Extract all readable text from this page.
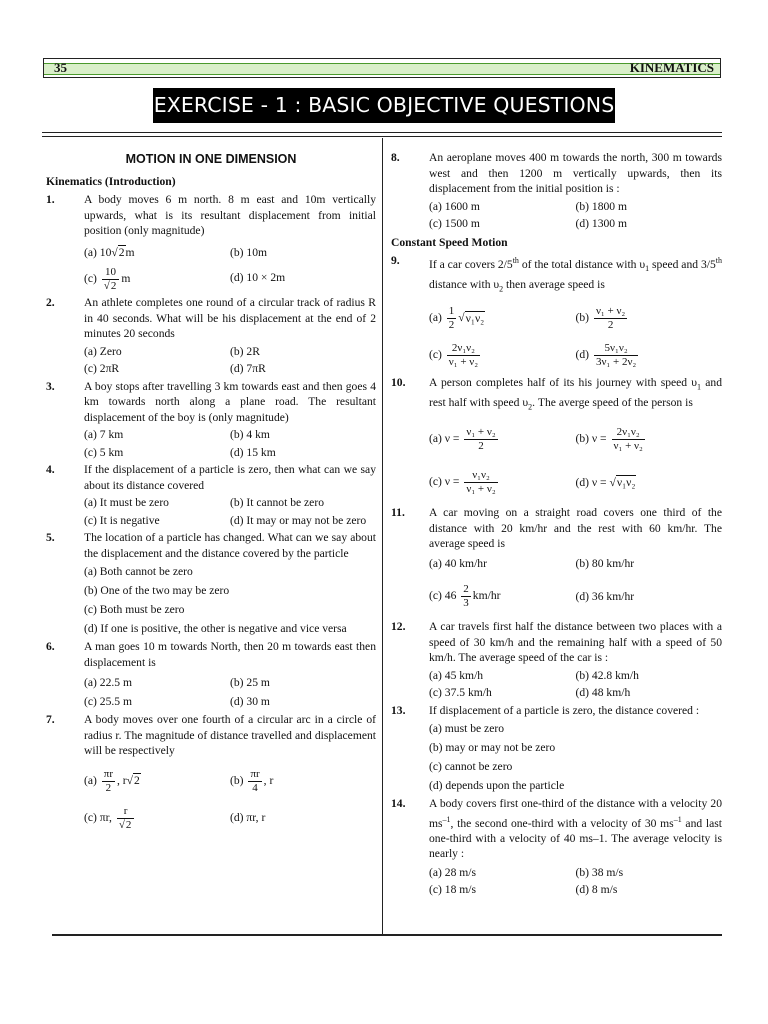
35	KINEMATICS
EXERCISE - 1 : BASIC OBJECTIVE QUESTIONS
MOTION IN ONE DIMENSION
Kinematics (Introduction)
1.	A body moves 6 m north. 8 m east and 10m vertically upwards, what is its resultant displacement from initial position (only magnitude)
(a) 10√2m	(b) 10m
$(c) \frac{10}{√2}$ m	(d) 10 × 2m
2.	An athlete completes one round of a circular track of radius R in 40 seconds. What will be his displacement at the end of 2 minutes 20 seconds
(a) Zero	(b) 2R
(c) 2πR	(d) 7πR
3.	A boy stops after travelling 3 km towards east and then goes 4 km towards north along a plane road. The resultant displacement of the boy is (only magnitude)
(a) 7 km	(b) 4 km
(c) 5 km	(d) 15 km
4.	If the displacement of a particle is zero, then what can we say about its distance covered
(a) It must be zero	(b) It cannot be zero
(c) It is negative	(d) It may or may not be zero
5.	The location of a particle has changed. What can we say about the displacement and the distance covered by the particle
(a) Both cannot be zero
(b) One of the two may be zero
(c) Both must be zero
(d) If one is positive, the other is negative and vice versa
6.	A man goes 10 m towards North, then 20 m towards east then displacement is
(a) 22.5 m	(b) 25 m
(c) 25.5 m	(d) 30 m
7.	A body moves over one fourth of a circular arc in a circle of radius r. The magnitude of distance travelled and displacement will be respectively
$(a) \frac{\pi r}{2}$ , r√2	$(b) \frac{\pi r}{4}$ , r
(c) πr, $\frac{r}{√2}$	(d) πr, r
8.	An aeroplane moves 400 m towards the north, 300 m towards west and then 1200 m vertically upwards, then its displacement from the initial position is :
(a) 1600 m	(b) 1800 m
(c) 1500 m	(d) 1300 m
Constant Speed Motion
9.	If a car covers 2/5th of the total distance with $\upsilon_1$ speed and 3/5th distance with $\upsilon_2$ then average speed is
$(a) \frac{1}{2} √\nu_1\nu_2$	$(b) \frac{\text{ν₁ + ν₂}}{2}$
$(c) \frac{\text{2ν₁ν₂}}{\text{ν₁ + ν₂}}$	$(d) \frac{\text{5ν₁ν₂}}{\text{3ν₁ + 2ν₂}}$
10.	A person completes half of its his journey with speed $\upsilon_1$ and rest half with speed $\upsilon_2$. The averge speed of the person is
(a) $\nu = \frac{\text{ν₁ + ν₂}}{2}$	(b) $\nu = \frac{\text{2ν₁ν₂}}{\text{ν₁ + ν₂}}$
(c) $\nu = \frac{\text{ν₁ν₂}}{\text{ν₁ + ν₂}}$	(d) ν = √ν₁ν₂
11.	A car moving on a straight road covers one third of the distance with 20 km/hr and the rest with 60 km/hr. The average speed is
(a) 40 km/hr	(b) 80 km/hr
(c) $46 \frac{2}{3} km/hr$	(d) 36 km/hr
12.	A car travels first half the distance between two places with a speed of 30 km/h and the remaining half with a speed of 50 km/h. The average speed of the car is :
(a) 45 km/h	(b) 42.8 km/h
(c) 37.5 km/h	(d) 48 km/h
13.	If displacement of a particle is zero, the distance covered :
(a) must be zero
(b) may or may not be zero
(c) cannot be zero
(d) depends upon the particle
14.	A body covers first one-third of the distance with a velocity 20 $ms^{-1}$, the second one-third with a velocity of 30 $ms^{-1}$ and last one-third with a velocity of 40 ms–1. The average velocity is nearly :
(a) 28 m/s	(b) 38 m/s
(c) 18 m/s	(d) 8 m/s
